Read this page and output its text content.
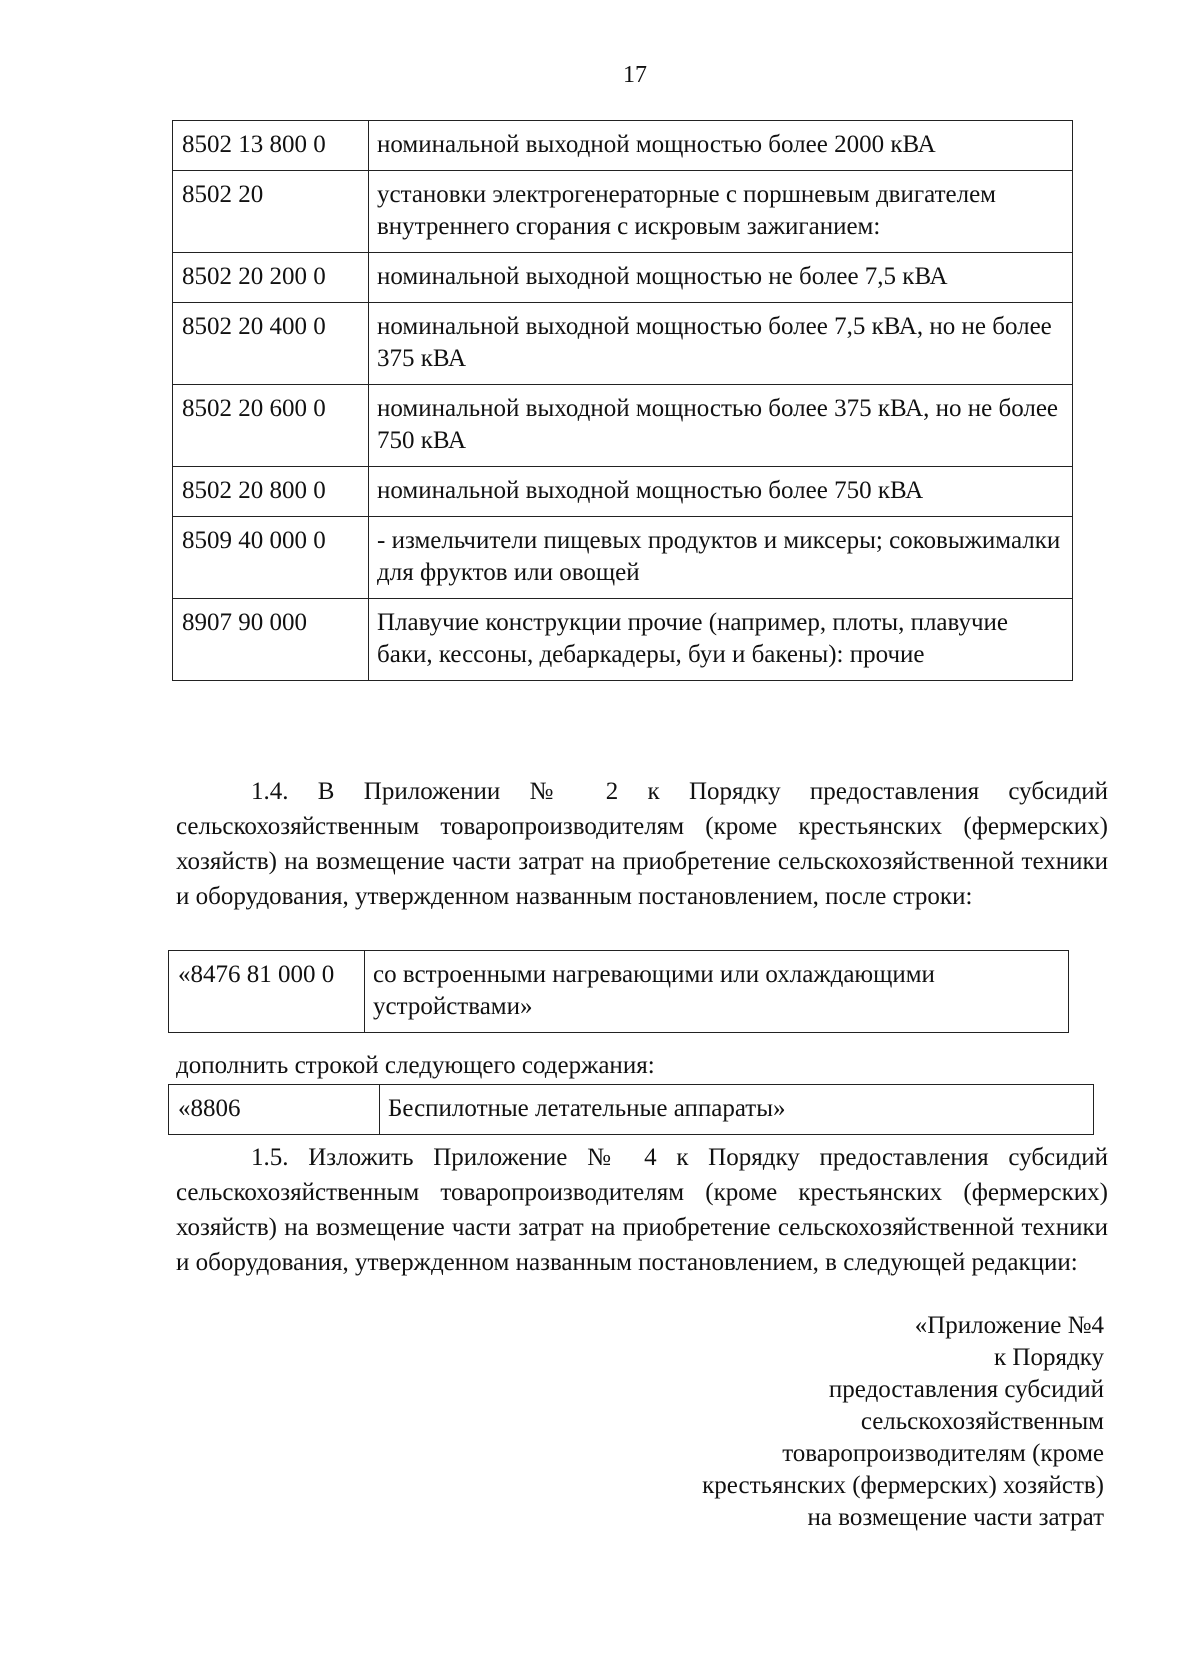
17
8502 13 800 0	номинальной выходной мощностью более 2000 кВА
8502 20	установки электрогенераторные с поршневым двигателем внутреннего сгорания с искровым зажиганием:
8502 20 200 0	номинальной выходной мощностью не более 7,5 кВА
8502 20 400 0	номинальной выходной мощностью более 7,5 кВА, но не более 375 кВА
8502 20 600 0	номинальной выходной мощностью более 375 кВА, но не более 750 кВА
8502 20 800 0	номинальной выходной мощностью более 750 кВА
8509 40 000 0	- измельчители пищевых продуктов и миксеры; соковыжималки для фруктов или овощей
8907 90 000	Плавучие конструкции прочие (например, плоты, плавучие баки, кессоны, дебаркадеры, буи и бакены): прочие

1.4. В Приложении № 2 к Порядку предоставления субсидий сельскохозяйственным товаропроизводителям (кроме крестьянских (фермерских) хозяйств) на возмещение части затрат на приобретение сельскохозяйственной техники и оборудования, утвержденном названным постановлением, после строки:

«8476 81 000 0	со встроенными нагревающими или охлаждающими устройствами»
дополнить строкой следующего содержания:
«8806	Беспилотные летательные аппараты»

1.5. Изложить Приложение № 4 к Порядку предоставления субсидий сельскохозяйственным товаропроизводителям (кроме крестьянских (фермерских) хозяйств) на возмещение части затрат на приобретение сельскохозяйственной техники и оборудования, утвержденном названным постановлением, в следующей редакции:

«Приложение №4
к Порядку
предоставления субсидий
сельскохозяйственным
товаропроизводителям (кроме
крестьянских (фермерских) хозяйств)
на возмещение части затрат
